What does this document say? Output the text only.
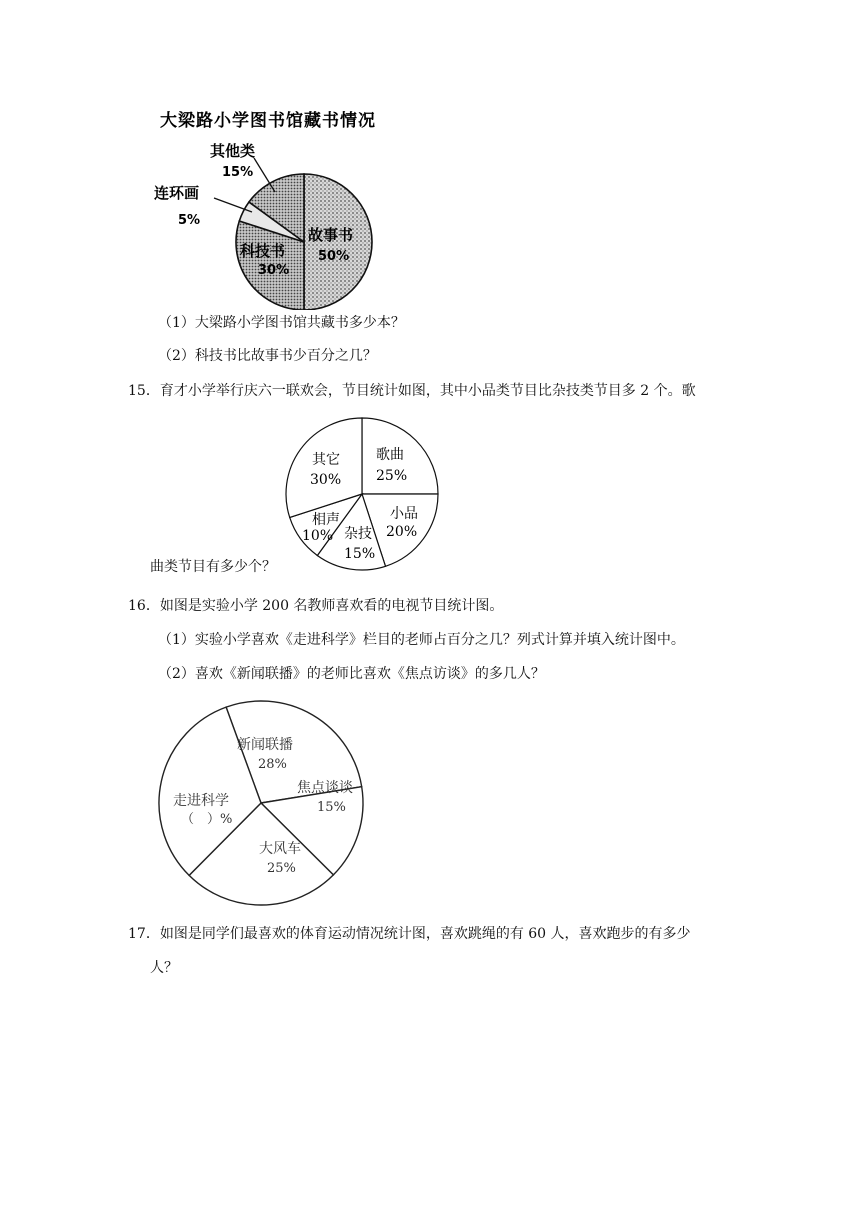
大梁路小学图书馆藏书情况
其他类
15%
连环画
5%
故事书
50%
科技书
30%
（1）大梁路小学图书馆共藏书多少本？
（2）科技书比故事书少百分之几？
15．育才小学举行庆六一联欢会，节目统计如图，其中小品类节目比杂技类节目多 2 个。歌
歌曲
25%
小品
20%
杂技
15%
相声
10%
其它
30%
曲类节目有多少个？
16．如图是实验小学 200 名教师喜欢看的电视节目统计图。
（1）实验小学喜欢《走进科学》栏目的老师占百分之几？列式计算并填入统计图中。
（2）喜欢《新闻联播》的老师比喜欢《焦点访谈》的多几人？
新闻联播
28%
焦点谈谈
15%
大风车
25%
走进科学
（　）%
17．如图是同学们最喜欢的体育运动情况统计图，喜欢跳绳的有 60 人，喜欢跑步的有多少
人？
